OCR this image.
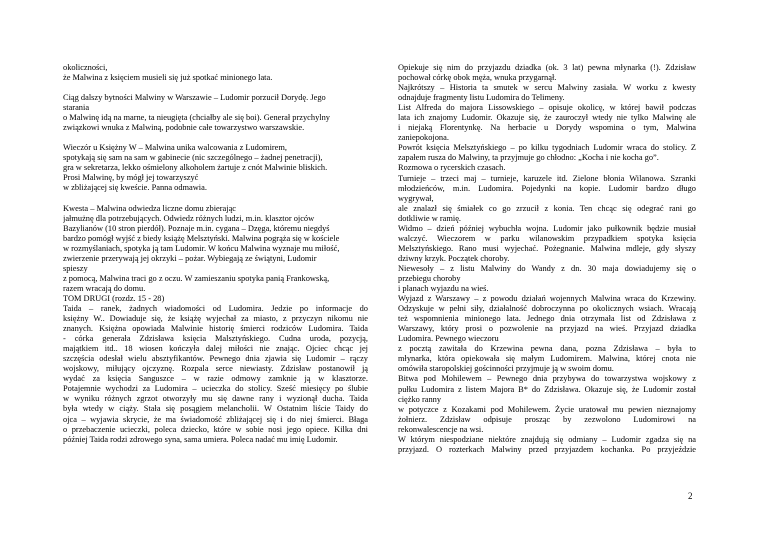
okoliczności,
że Malwina z księciem musieli się już spotkać minionego lata.
Ciąg dalszy bytności Malwiny w Warszawie – Ludomir porzucił Dorydę. Jego
starania
o Malwinę idą na marne, ta nieugięta (chciałby ale się boi). Generał przychylny
związkowi wnuka z Malwiną, podobnie całe towarzystwo warszawskie.
Wieczór u Księżny W – Malwina unika walcowania z Ludomirem,
spotykają się sam na sam w gabinecie (nic szczególnego – żadnej penetracji),
gra w sekretarza, lekko ośmielony alkoholem żartuje z cnót Malwinie bliskich.
Prosi Malwinę, by mógł jej towarzyszyć
w zbliżającej się kweście. Panna odmawia.
Kwesta – Malwina odwiedza liczne domu zbierając
jałmużnę dla potrzebujących. Odwiedz różnych ludzi, m.in. klasztor ojców
Bazylianów (10 stron pierdół). Poznaje m.in. cygana – Dzęga, któremu niegdyś
bardzo pomógł wyjść z biedy książę Melsztyński. Malwina pogrąża się w kościele
w rozmyślaniach, spotyka ją tam Ludomir. W końcu Malwina wyznaje mu miłość,
zwierzenie przerywają jej okrzyki – pożar. Wybiegają ze świątyni, Ludomir
spieszy
z pomocą, Malwina traci go z oczu. W zamieszaniu spotyka panią Frankowską,
razem wracają do domu.
TOM DRUGI (rozdz. 15 - 28)
Taida – ranek, żadnych wiadomości od Ludomira. Jedzie po informacje do
księżny W.. Dowiaduje się, że książę wyjechał za miasto, z przyczyn nikomu nie
znanych. Księżna opowiada Malwinie historię śmierci rodziców Ludomira. Taida
- córka generała Zdzisława księcia Malsztyńskiego. Cudna uroda, pozycją,
majątkiem itd.. 18 wiosen kończyła dalej miłości nie znając. Ojciec chcąc jej
szczęścia odesłał wielu absztyfikantów. Pewnego dnia zjawia się Ludomir – rączy
wojskowy, miłujący ojczyznę. Rozpala serce niewiasty. Zdzisław postanowił ją
wydać za księcia Sanguszce – w razie odmowy zamknie ją w klasztorze.
Potajemnie wychodzi za Ludomira – ucieczka do stolicy. Sześć miesięcy po ślubie
w wyniku różnych zgrzot otworzyły mu się dawne rany i wyzionął ducha. Taida
była wtedy w ciąży. Stała się posągiem melancholii. W Ostatnim liście Taidy do
ojca – wyjawia skrycie, że ma świadomość zbliżającej się i do niej śmierci. Błaga
o przebaczenie ucieczki, poleca dziecko, które w sobie nosi jego opiece. Kilka dni
później Taida rodzi zdrowego syna, sama umiera. Poleca nadać mu imię Ludomir.
Opiekuje się nim do przyjazdu dziadka (ok. 3 lat) pewna młynarka (!). Zdzisław
pochował córkę obok męża, wnuka przygarnął.
Najkrótszy – Historia ta smutek w sercu Malwiny zasiała. W worku z kwesty
odnajduje fragmenty listu Ludomira do Telimeny.
List Alfreda do majora Lissowskiego – opisuje okolicę, w której bawił podczas
lata ich znajomy Ludomir. Okazuje się, że zauroczył wtedy nie tylko Malwinę ale
i niejaką Florentynkę. Na herbacie u Dorydy wspomina o tym, Malwina
zaniepokojona.
Powrót księcia Melsztyńskiego – po kilku tygodniach Ludomir wraca do stolicy. Z
zapałem rusza do Malwiny, ta przyjmuje go chłodno: „Kocha i nie kocha go”.
Rozmowa o rycerskich czasach.
Turnieje – trzeci maj – turnieje, karuzele itd. Zielone błonia Wilanowa. Szranki
młodzieńców, m.in. Ludomira. Pojedynki na kopie. Ludomir bardzo długo
wygrywał,
ale znalazł się śmiałek co go zrzucił z konia. Ten chcąc się odegrać rani go
dotkliwie w ramię.
Widmo – dzień później wybuchła wojna. Ludomir jako pułkownik będzie musiał
walczyć. Wieczorem w parku wilanowskim przypadkiem spotyka księcia
Melsztyńskiego. Rano musi wyjechać. Pożegnanie. Malwina mdleje, gdy słyszy
dziwny krzyk. Początek choroby.
Niewesoły – z listu Malwiny do Wandy z dn. 30 maja dowiadujemy się o
przebiegu choroby
i planach wyjazdu na wieś.
Wyjazd z Warszawy – z powodu działań wojennych Malwina wraca do Krzewiny.
Odzyskuje w pełni siły, działalność dobroczynna po okolicznych wsiach. Wracają
też wspomnienia minionego lata. Jednego dnia otrzymała list od Zdzisława z
Warszawy, który prosi o pozwolenie na przyjazd na wieś. Przyjazd dziadka
Ludomira. Pewnego wieczoru
z pocztą zawitała do Krzewina pewna dana, pozna Zdzisława – była to
młynarka, która opiekowała się małym Ludomirem. Malwina, której cnota nie
omówiła staropolskiej gościnności przyjmuje ją w swoim domu.
Bitwa pod Mohilewem – Pewnego dnia przybywa do towarzystwa wojskowy z
pułku Ludomira z listem Majora B* do Zdzisława. Okazuje się, że Ludomir został
ciężko ranny
w potyczce z Kozakami pod Mohilewem. Życie uratował mu pewien nieznajomy
żołnierz. Zdzisław odpisuje prosząc by zezwolono Ludomirowi na
rekonwalescencje na wsi.
W którym niespodziane niektóre znajdują się odmiany – Ludomir zgadza się na
przyjazd. O rozterkach Malwiny przed przyjazdem kochanka. Po przyjeździe
2
